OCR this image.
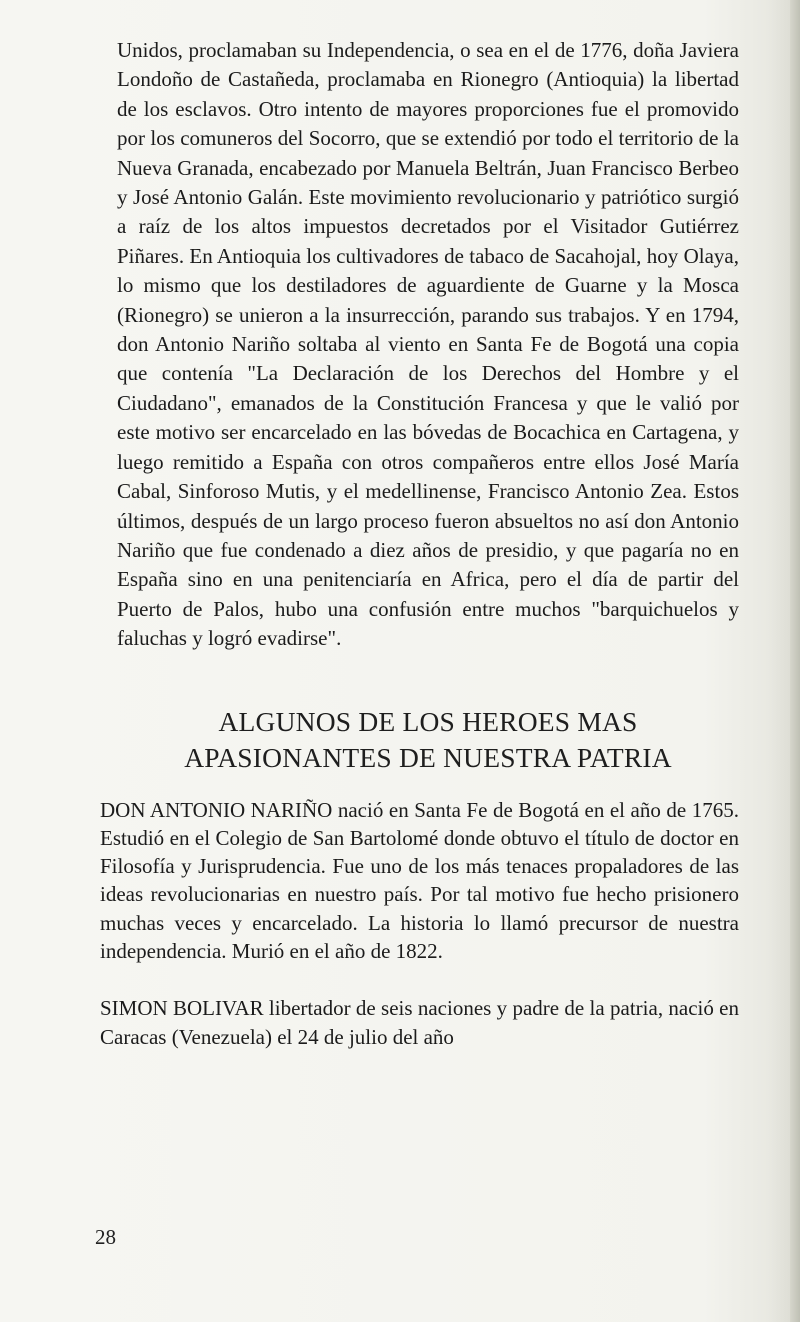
Unidos, proclamaban su Independencia, o sea en el de 1776, doña Javiera Londoño de Castañeda, proclamaba en Rionegro (Antioquia) la libertad de los esclavos. Otro intento de mayores proporciones fue el promovido por los comuneros del Socorro, que se extendió por todo el territorio de la Nueva Granada, encabezado por Manuela Beltrán, Juan Francisco Berbeo y José Antonio Galán. Este movimiento revolucionario y patriótico surgió a raíz de los altos impuestos decretados por el Visitador Gutiérrez Piñares. En Antioquia los cultivadores de tabaco de Sacahojal, hoy Olaya, lo mismo que los destiladores de aguardiente de Guarne y la Mosca (Rionegro) se unieron a la insurrección, parando sus trabajos. Y en 1794, don Antonio Nariño soltaba al viento en Santa Fe de Bogotá una copia que contenía "La Declaración de los Derechos del Hombre y el Ciudadano", emanados de la Constitución Francesa y que le valió por este motivo ser encarcelado en las bóvedas de Bocachica en Cartagena, y luego remitido a España con otros compañeros entre ellos José María Cabal, Sinforoso Mutis, y el medellinense, Francisco Antonio Zea. Estos últimos, después de un largo proceso fueron absueltos no así don Antonio Nariño que fue condenado a diez años de presidio, y que pagaría no en España sino en una penitenciaría en Africa, pero el día de partir del Puerto de Palos, hubo una confusión entre muchos "barquichuelos y faluchas y logró evadirse".

ALGUNOS DE LOS HEROES MAS
APASIONANTES DE NUESTRA PATRIA

DON ANTONIO NARIÑO nació en Santa Fe de Bogotá en el año de 1765. Estudió en el Colegio de San Bartolomé donde obtuvo el título de doctor en Filosofía y Jurisprudencia. Fue uno de los más tenaces propaladores de las ideas revolucionarias en nuestro país. Por tal motivo fue hecho prisionero muchas veces y encarcelado. La historia lo llamó precursor de nuestra independencia. Murió en el año de 1822.

SIMON BOLIVAR libertador de seis naciones y padre de la patria, nació en Caracas (Venezuela) el 24 de julio del año

28
